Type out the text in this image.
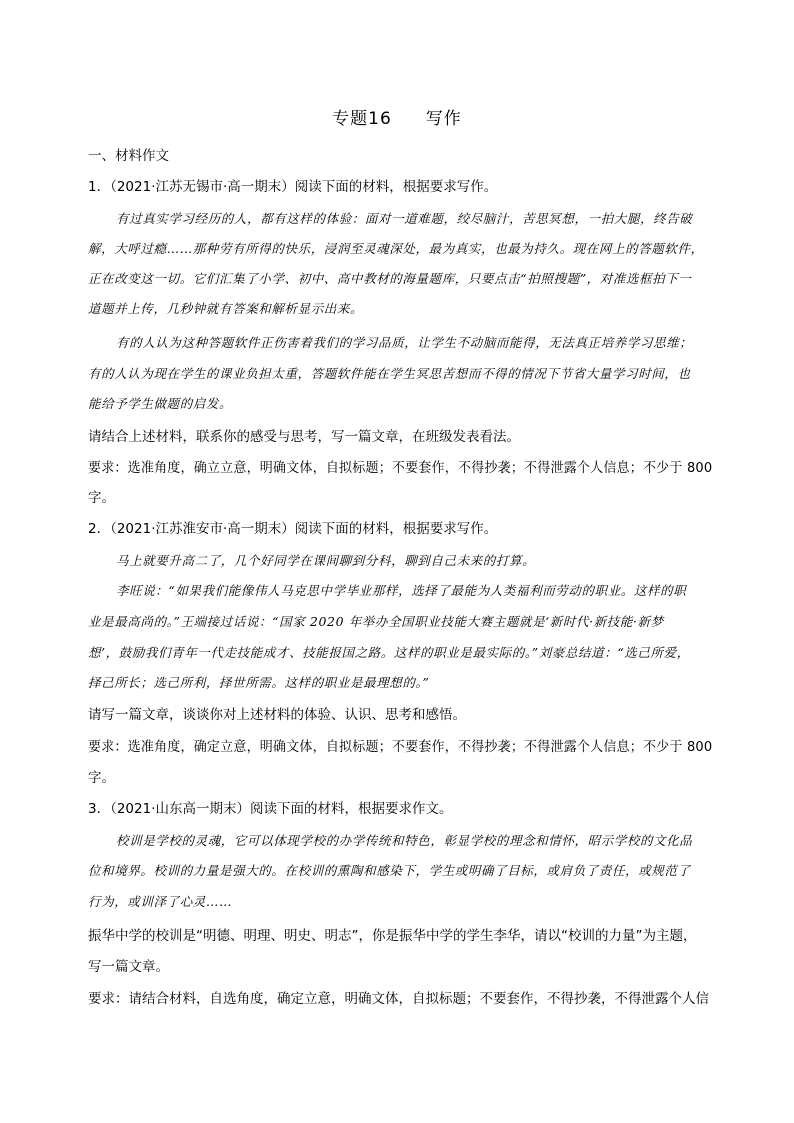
专题16 写作
一、材料作文
1．（2021·江苏无锡市·高一期末）阅读下面的材料，根据要求写作。
有过真实学习经历的人，都有这样的体验：面对一道难题，绞尽脑汁，苦思冥想，一拍大腿，终告破
解，大呼过瘾……那种劳有所得的快乐，浸润至灵魂深处，最为真实，也最为持久。现在网上的答题软件，
正在改变这一切。它们汇集了小学、初中、高中教材的海量题库，只要点击“拍照搜题”，对准选框拍下一
道题并上传，几秒钟就有答案和解析显示出来。
有的人认为这种答题软件正伤害着我们的学习品质，让学生不动脑而能得，无法真正培养学习思维；
有的人认为现在学生的课业负担太重，答题软件能在学生冥思苦想而不得的情况下节省大量学习时间，也
能给予学生做题的启发。
请结合上述材料，联系你的感受与思考，写一篇文章，在班级发表看法。
要求：选准角度，确立立意，明确文体，自拟标题；不要套作，不得抄袭；不得泄露个人信息；不少于 800
字。
2．（2021·江苏淮安市·高一期末）阅读下面的材料，根据要求写作。
马上就要升高二了，几个好同学在课间聊到分科，聊到自己未来的打算。
李旺说：“如果我们能像伟人马克思中学毕业那样，选择了最能为人类福利而劳动的职业。这样的职
业是最高尚的。”王端接过话说：“国家 2020 年举办全国职业技能大赛主题就是‘新时代·新技能·新梦
想’，鼓励我们青年一代走技能成才、技能报国之路。这样的职业是最实际的。”刘豪总结道：“选己所爱，
择己所长；选己所利，择世所需。这样的职业是最理想的。”
请写一篇文章，谈谈你对上述材料的体验、认识、思考和感悟。
要求：选准角度，确定立意，明确文体，自拟标题；不要套作，不得抄袭；不得泄露个人信息；不少于 800
字。
3．（2021·山东高一期末）阅读下面的材料，根据要求作文。
校训是学校的灵魂，它可以体现学校的办学传统和特色，彰显学校的理念和情怀，昭示学校的文化品
位和境界。校训的力量是强大的。在校训的熏陶和感染下，学生或明确了目标，或肩负了责任，或规范了
行为，或训泽了心灵……
振华中学的校训是“明德、明理、明史、明志”，你是振华中学的学生李华，请以“校训的力量”为主题，
写一篇文章。
要求：请结合材料，自选角度，确定立意，明确文体，自拟标题；不要套作，不得抄袭，不得泄露个人信
